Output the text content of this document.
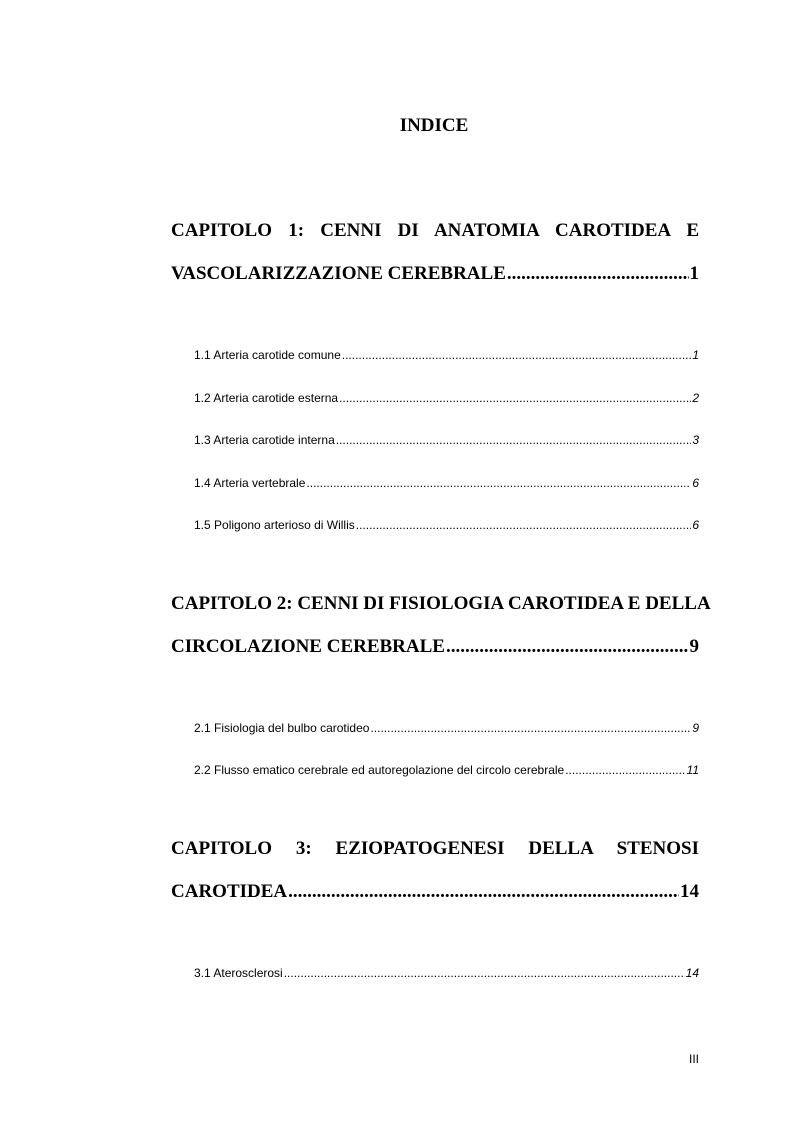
INDICE
CAPITOLO 1: CENNI DI ANATOMIA CAROTIDEA E
VASCOLARIZZAZIONE CEREBRALE .....	1
1.1 Arteria carotide comune .....	1
1.2 Arteria carotide esterna .....	2
1.3 Arteria carotide interna .....	3
1.4 Arteria vertebrale .....	6
1.5 Poligono arterioso di Willis .....	6
CAPITOLO 2: CENNI DI FISIOLOGIA CAROTIDEA E DELLA
CIRCOLAZIONE CEREBRALE .....	9
2.1 Fisiologia del bulbo carotideo .....	9
2.2 Flusso ematico cerebrale ed autoregolazione del circolo cerebrale .....	11
CAPITOLO 3: EZIOPATOGENESI DELLA STENOSI
CAROTIDEA .....	14
3.1 Aterosclerosi .....	14
III
